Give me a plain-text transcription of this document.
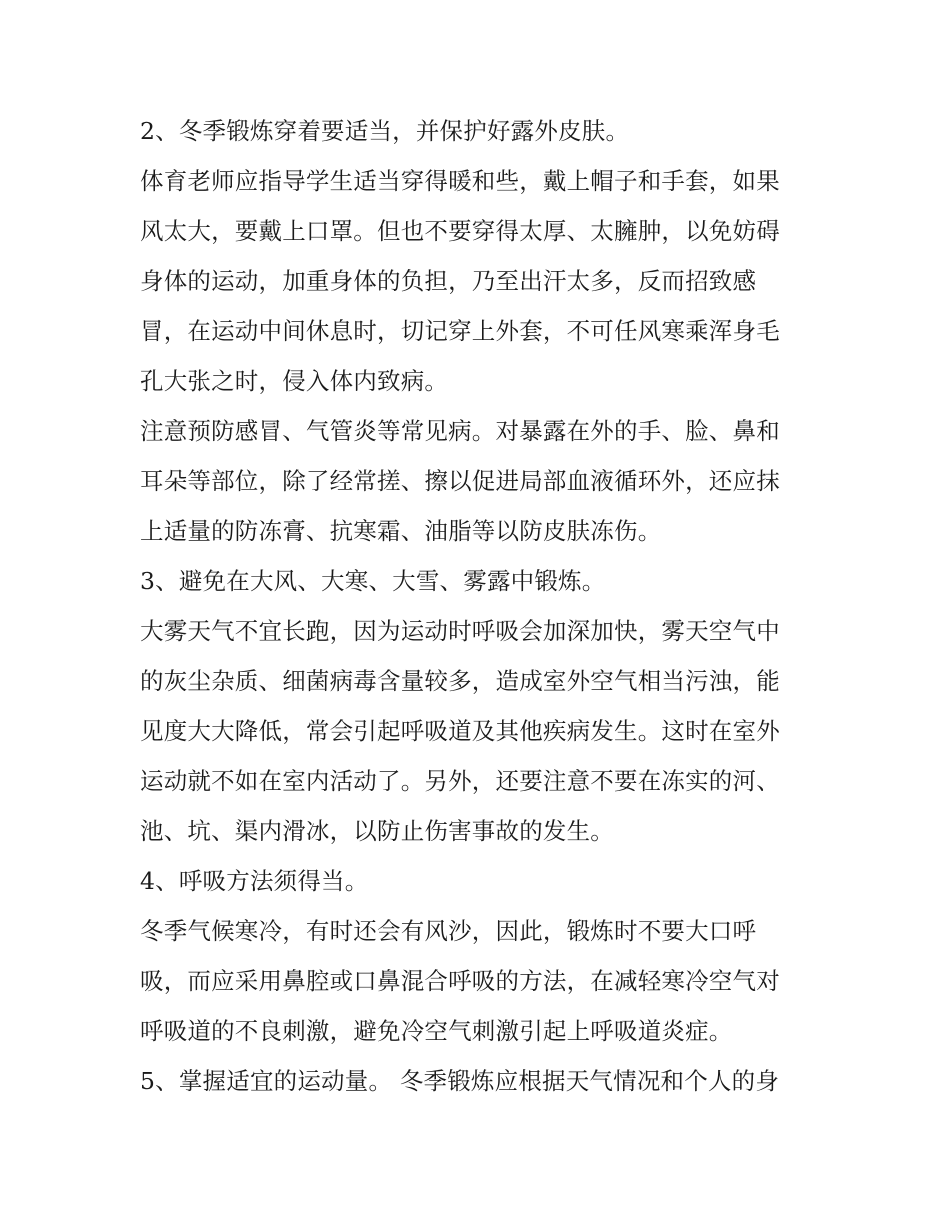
2、冬季锻炼穿着要适当，并保护好露外皮肤。
体育老师应指导学生适当穿得暖和些，戴上帽子和手套，如果
风太大，要戴上口罩。但也不要穿得太厚、太臃肿，以免妨碍
身体的运动，加重身体的负担，乃至出汗太多，反而招致感
冒，在运动中间休息时，切记穿上外套，不可任风寒乘浑身毛
孔大张之时，侵入体内致病。
注意预防感冒、气管炎等常见病。对暴露在外的手、脸、鼻和
耳朵等部位，除了经常搓、擦以促进局部血液循环外，还应抹
上适量的防冻膏、抗寒霜、油脂等以防皮肤冻伤。
3、避免在大风、大寒、大雪、雾露中锻炼。
大雾天气不宜长跑，因为运动时呼吸会加深加快，雾天空气中
的灰尘杂质、细菌病毒含量较多，造成室外空气相当污浊，能
见度大大降低，常会引起呼吸道及其他疾病发生。这时在室外
运动就不如在室内活动了。另外，还要注意不要在冻实的河、
池、坑、渠内滑冰，以防止伤害事故的发生。
4、呼吸方法须得当。
冬季气候寒冷，有时还会有风沙，因此，锻炼时不要大口呼
吸，而应采用鼻腔或口鼻混合呼吸的方法，在减轻寒冷空气对
呼吸道的不良刺激，避免冷空气刺激引起上呼吸道炎症。
5、掌握适宜的运动量。 冬季锻炼应根据天气情况和个人的身
